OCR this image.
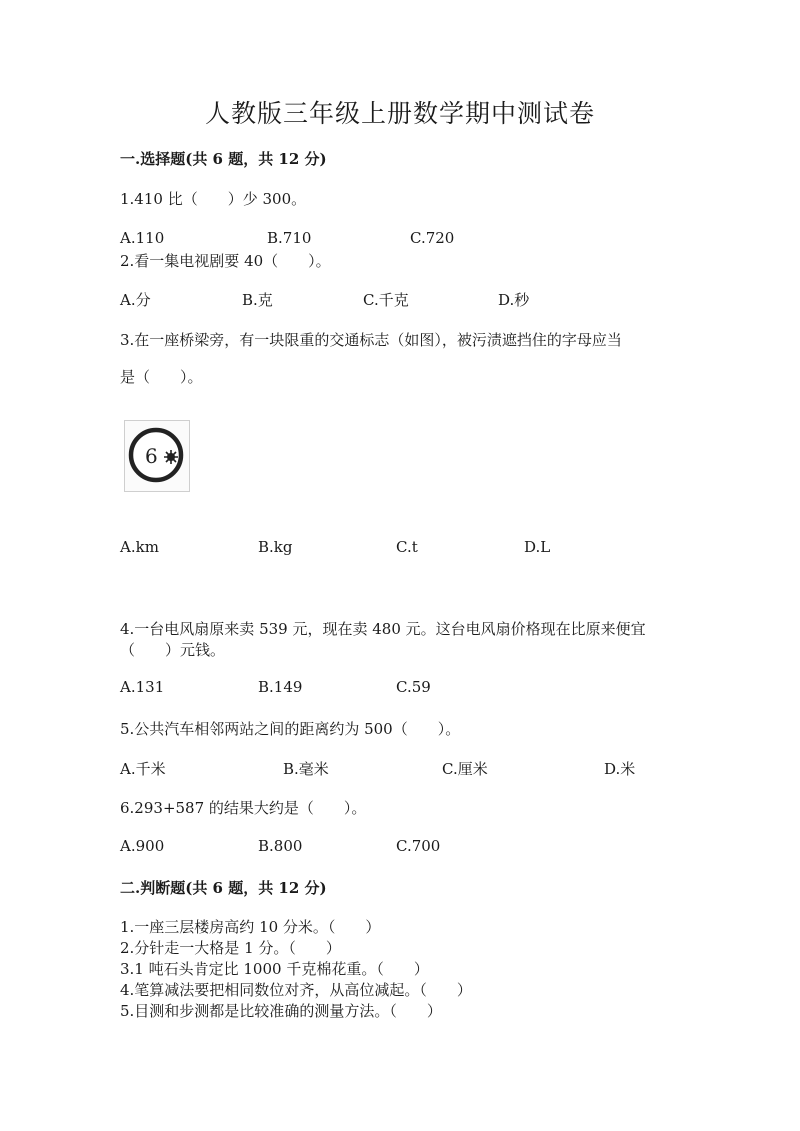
人教版三年级上册数学期中测试卷
一.选择题(共 6 题，共 12 分)
1.410 比（　　）少 300。
A.110	B.710	C.720
2.看一集电视剧要 40（　　）。
A.分	B.克	C.千克	D.秒
3.在一座桥梁旁，有一块限重的交通标志（如图），被污渍遮挡住的字母应当
是（　　）。
6
A.km	B.kg	C.t	D.L
4.一台电风扇原来卖 539 元，现在卖 480 元。这台电风扇价格现在比原来便宜
（　　）元钱。
A.131	B.149	C.59
5.公共汽车相邻两站之间的距离约为 500（　　）。
A.千米	B.毫米	C.厘米	D.米
6.293+587 的结果大约是（　　）。
A.900	B.800	C.700
二.判断题(共 6 题，共 12 分)
1.一座三层楼房高约 10 分米。（　　）
2.分针走一大格是 1 分。（　　）
3.1 吨石头肯定比 1000 千克棉花重。（　　）
4.笔算减法要把相同数位对齐，从高位减起。（　　）
5.目测和步测都是比较准确的测量方法。（　　）
